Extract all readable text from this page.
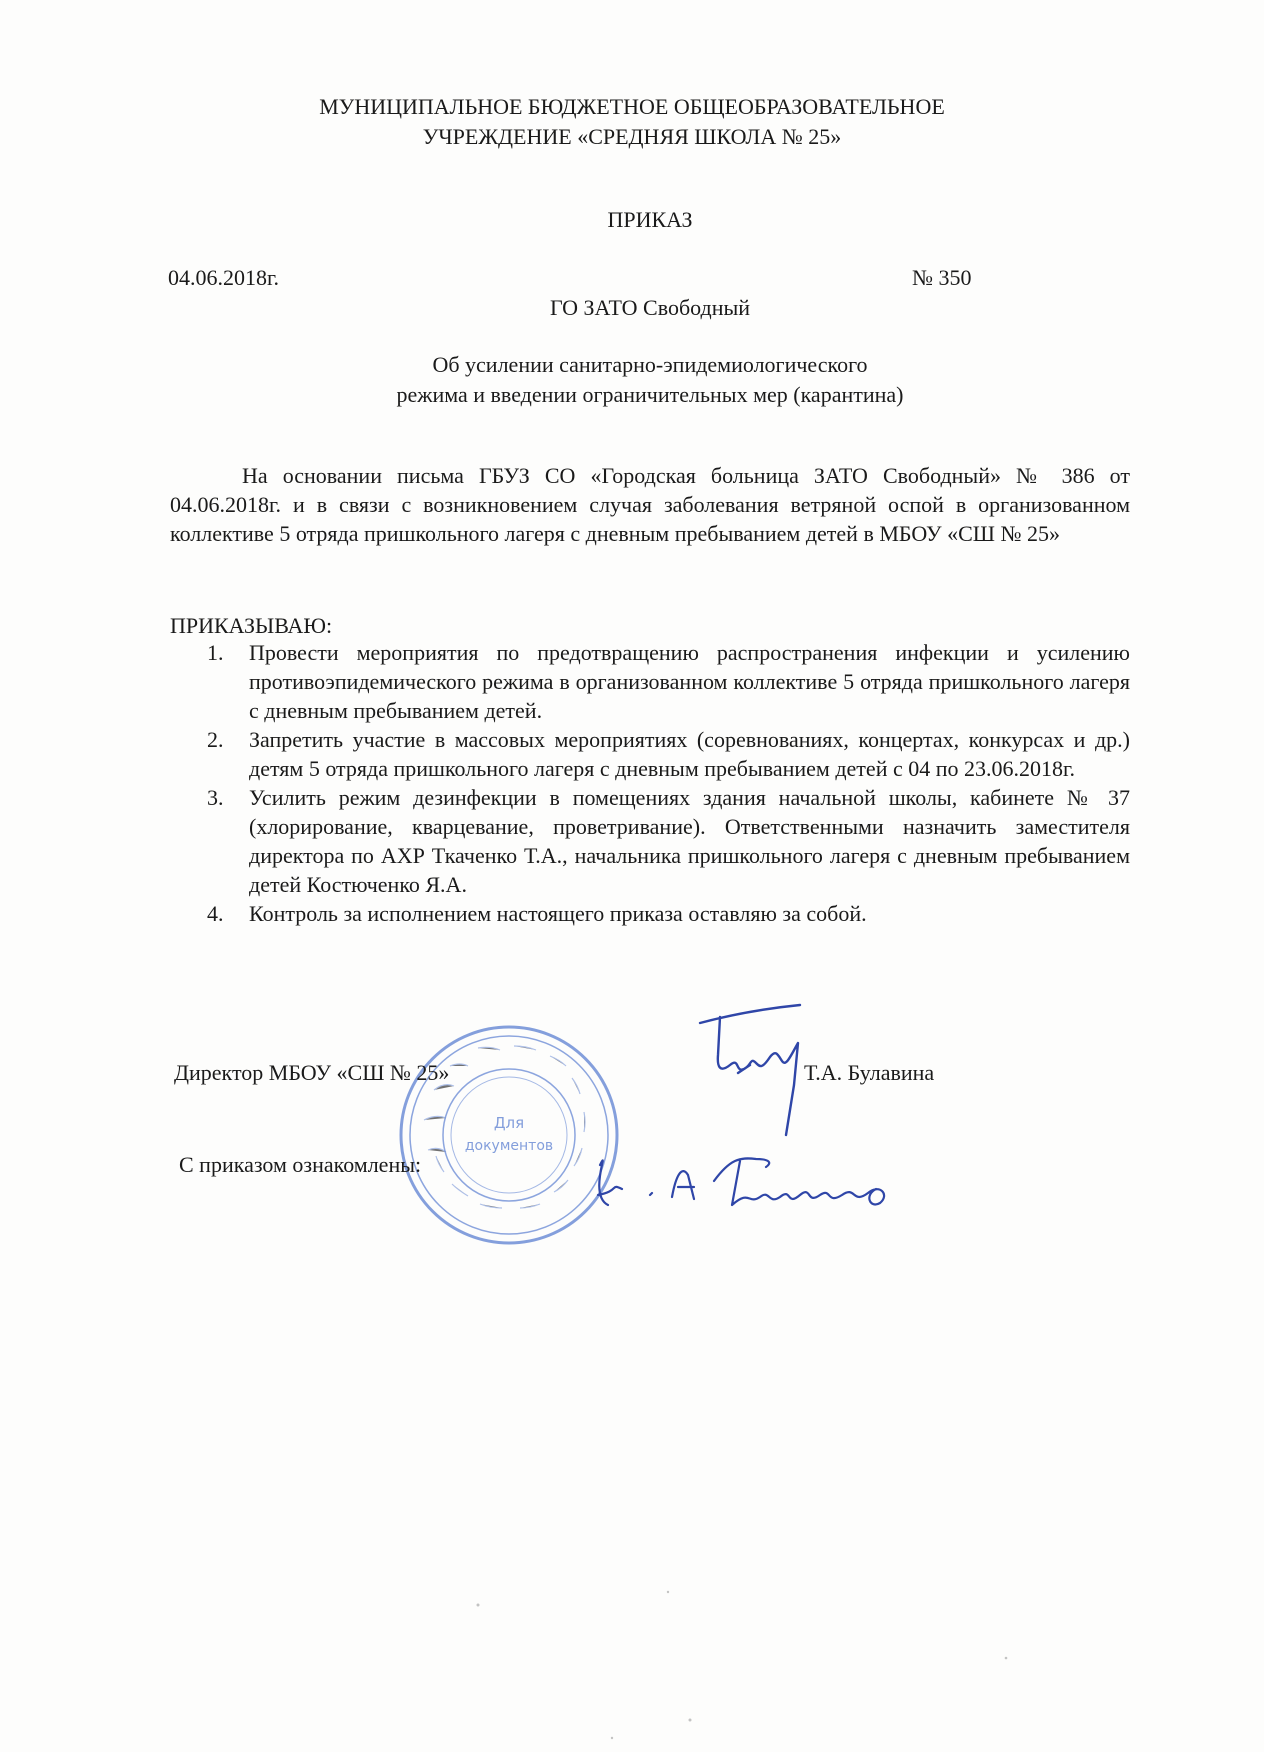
МУНИЦИПАЛЬНОЕ БЮДЖЕТНОЕ ОБЩЕОБРАЗОВАТЕЛЬНОЕ
УЧРЕЖДЕНИЕ «СРЕДНЯЯ ШКОЛА № 25»
ПРИКАЗ
04.06.2018г.	№ 350
ГО ЗАТО Свободный
Об усилении санитарно-эпидемиологического
режима и введении ограничительных мер (карантина)
На основании письма ГБУЗ СО «Городская больница ЗАТО Свободный» № 386 от 04.06.2018г. и в связи с возникновением случая заболевания ветряной оспой в организованном коллективе 5 отряда пришкольного лагеря с дневным пребыванием детей в МБОУ «СШ № 25»
ПРИКАЗЫВАЮ:
1. Провести мероприятия по предотвращению распространения инфекции и усилению противоэпидемического режима в организованном коллективе 5 отряда пришкольного лагеря с дневным пребыванием детей.
2. Запретить участие в массовых мероприятиях (соревнованиях, концертах, конкурсах и др.) детям 5 отряда пришкольного лагеря с дневным пребыванием детей с 04 по 23.06.2018г.
3. Усилить режим дезинфекции в помещениях здания начальной школы, кабинете № 37 (хлорирование, кварцевание, проветривание). Ответственными назначить заместителя директора по АХР Ткаченко Т.А., начальника пришкольного лагеря с дневным пребыванием детей Костюченко Я.А.
4. Контроль за исполнением настоящего приказа оставляю за собой.
Для
документов
Директор МБОУ «СШ № 25»	Т.А. Булавина
С приказом ознакомлены:
